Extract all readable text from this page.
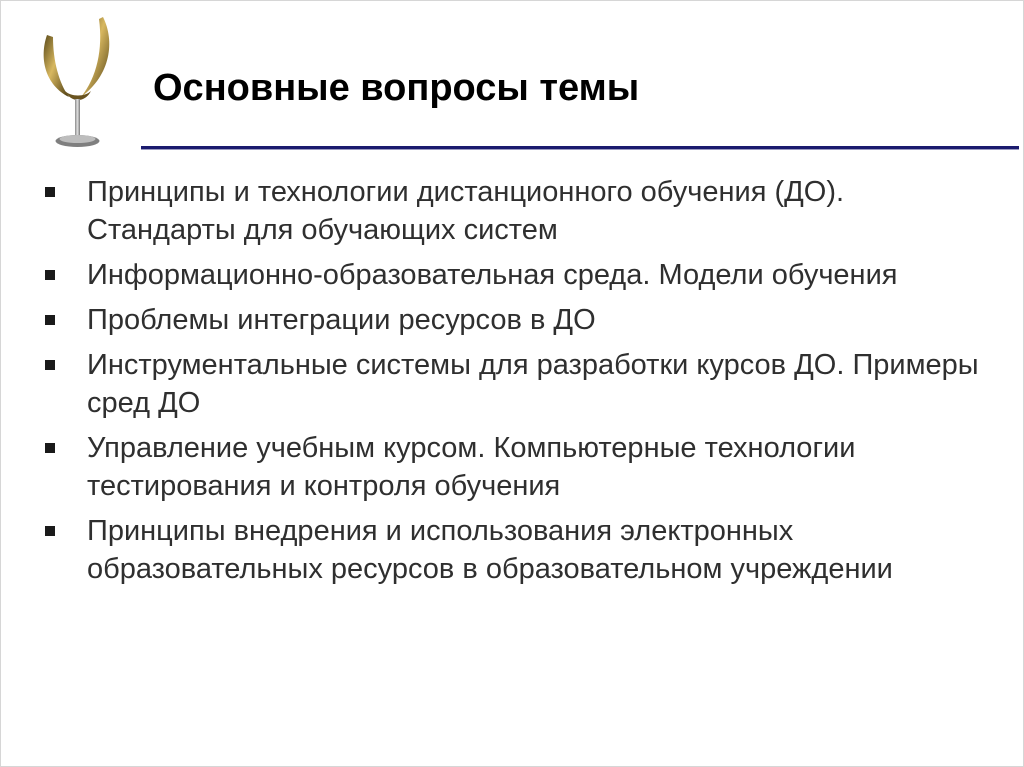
Основные вопросы темы
Принципы и технологии дистанционного обучения (ДО). Стандарты для обучающих систем
Информационно-образовательная среда. Модели обучения
Проблемы интеграции ресурсов в ДО
Инструментальные системы для разработки курсов ДО. Примеры сред ДО
Управление учебным курсом. Компьютерные технологии тестирования и контроля обучения
Принципы внедрения и использования электронных образовательных ресурсов в образовательном учреждении
